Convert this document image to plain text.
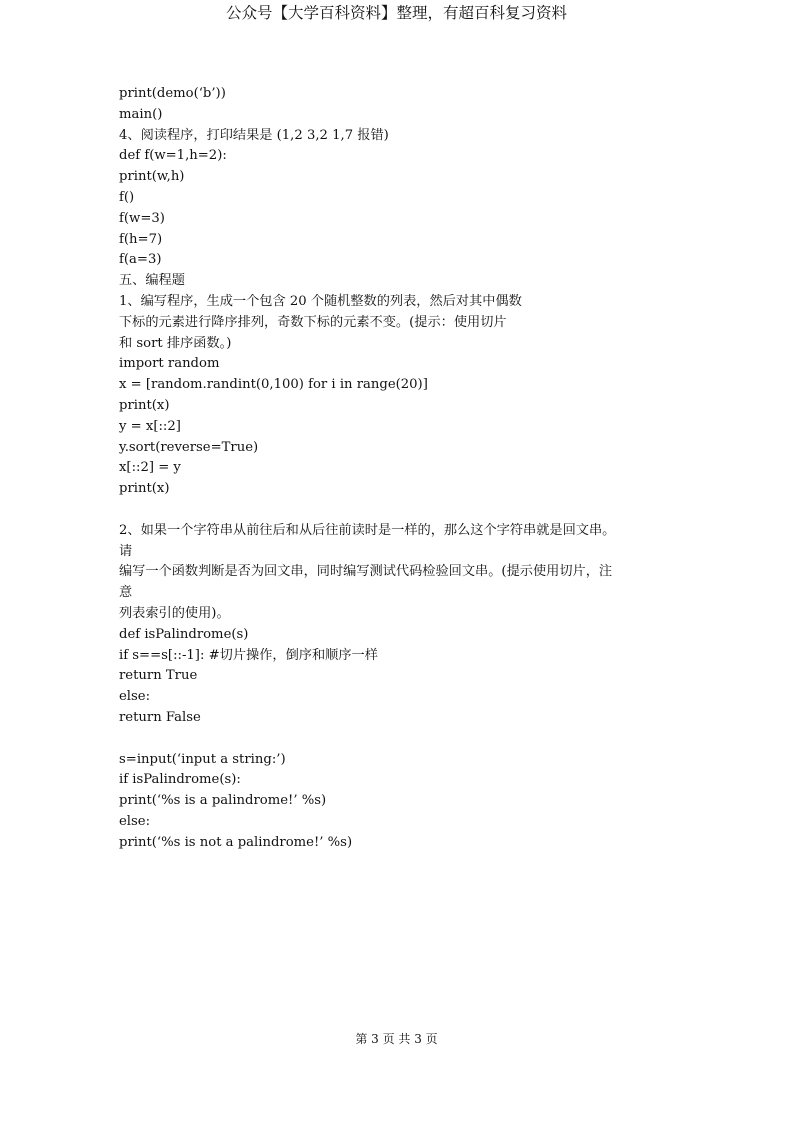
公众号【大学百科资料】整理，有超百科复习资料
print(demo(‘b’))
main()
4、阅读程序，打印结果是 (1,2 3,2 1,7 报错)
def f(w=1,h=2):
print(w,h)
f()
f(w=3)
f(h=7)
f(a=3)
五、编程题
1、编写程序，生成一个包含 20 个随机整数的列表，然后对其中偶数
下标的元素进行降序排列，奇数下标的元素不变。(提示：使用切片
和 sort 排序函数。)
import random
x = [random.randint(0,100) for i in range(20)]
print(x)
y = x[::2]
y.sort(reverse=True)
x[::2] = y
print(x)
2、如果一个字符串从前往后和从后往前读时是一样的，那么这个字符串就是回文串。
请
编写一个函数判断是否为回文串，同时编写测试代码检验回文串。(提示使用切片，注
意
列表索引的使用)。
def isPalindrome(s)
if s==s[::-1]: #切片操作，倒序和顺序一样
return True
else:
return False
s=input(‘input a string:’)
if isPalindrome(s):
print(‘%s is a palindrome!’ %s)
else:
print(‘%s is not a palindrome!’ %s)
第 3 页 共 3 页
